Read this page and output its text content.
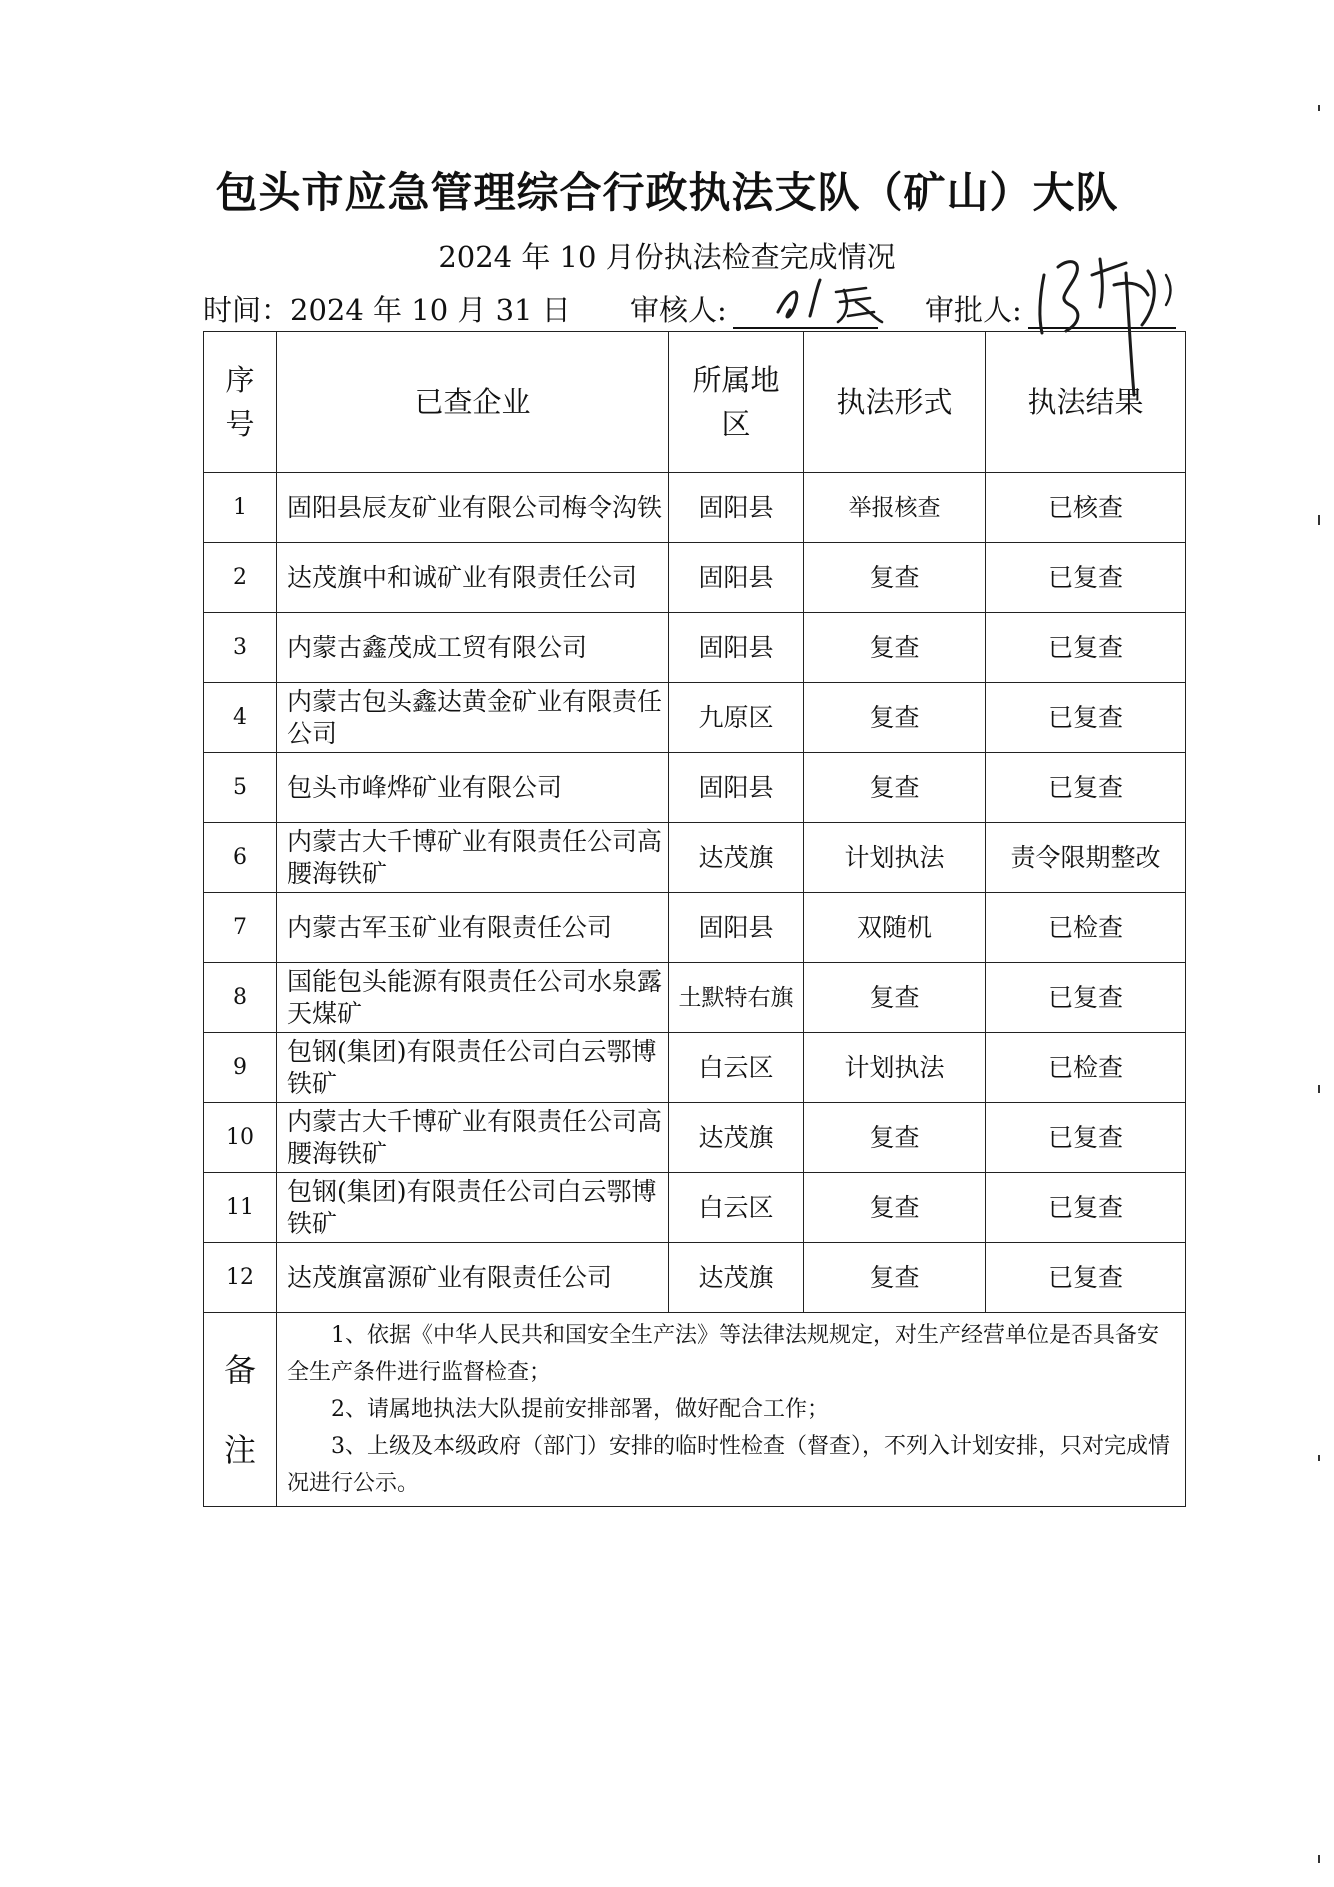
包头市应急管理综合行政执法支队（矿山）大队

2024 年 10 月份执法检查完成情况

时间：2024 年 10 月 31 日 审核人:	审批人:
序号	已查企业	所属地区	执法形式	执法结果
1	固阳县辰友矿业有限公司梅令沟铁	固阳县	举报核查	已核查
2	达茂旗中和诚矿业有限责任公司	固阳县	复查	已复查
3	内蒙古鑫茂成工贸有限公司	固阳县	复查	已复查
4	内蒙古包头鑫达黄金矿业有限责任公司	九原区	复查	已复查
5	包头市峰烨矿业有限公司	固阳县	复查	已复查
6	内蒙古大千博矿业有限责任公司高腰海铁矿	达茂旗	计划执法	责令限期整改
7	内蒙古军玉矿业有限责任公司	固阳县	双随机	已检查
8	国能包头能源有限责任公司水泉露天煤矿	土默特右旗	复查	已复查
9	包钢(集团)有限责任公司白云鄂博铁矿	白云区	计划执法	已检查
10	内蒙古大千博矿业有限责任公司高腰海铁矿	达茂旗	复查	已复查
11	包钢(集团)有限责任公司白云鄂博铁矿	白云区	复查	已复查
12	达茂旗富源矿业有限责任公司	达茂旗	复查	已复查
备注	1、依据《中华人民共和国安全生产法》等法律法规规定，对生产经营单位是否具备安全生产条件进行监督检查；

2、请属地执法大队提前安排部署，做好配合工作；

3、上级及本级政府（部门）安排的临时性检查（督查），不列入计划安排，只对完成情况进行公示。			
